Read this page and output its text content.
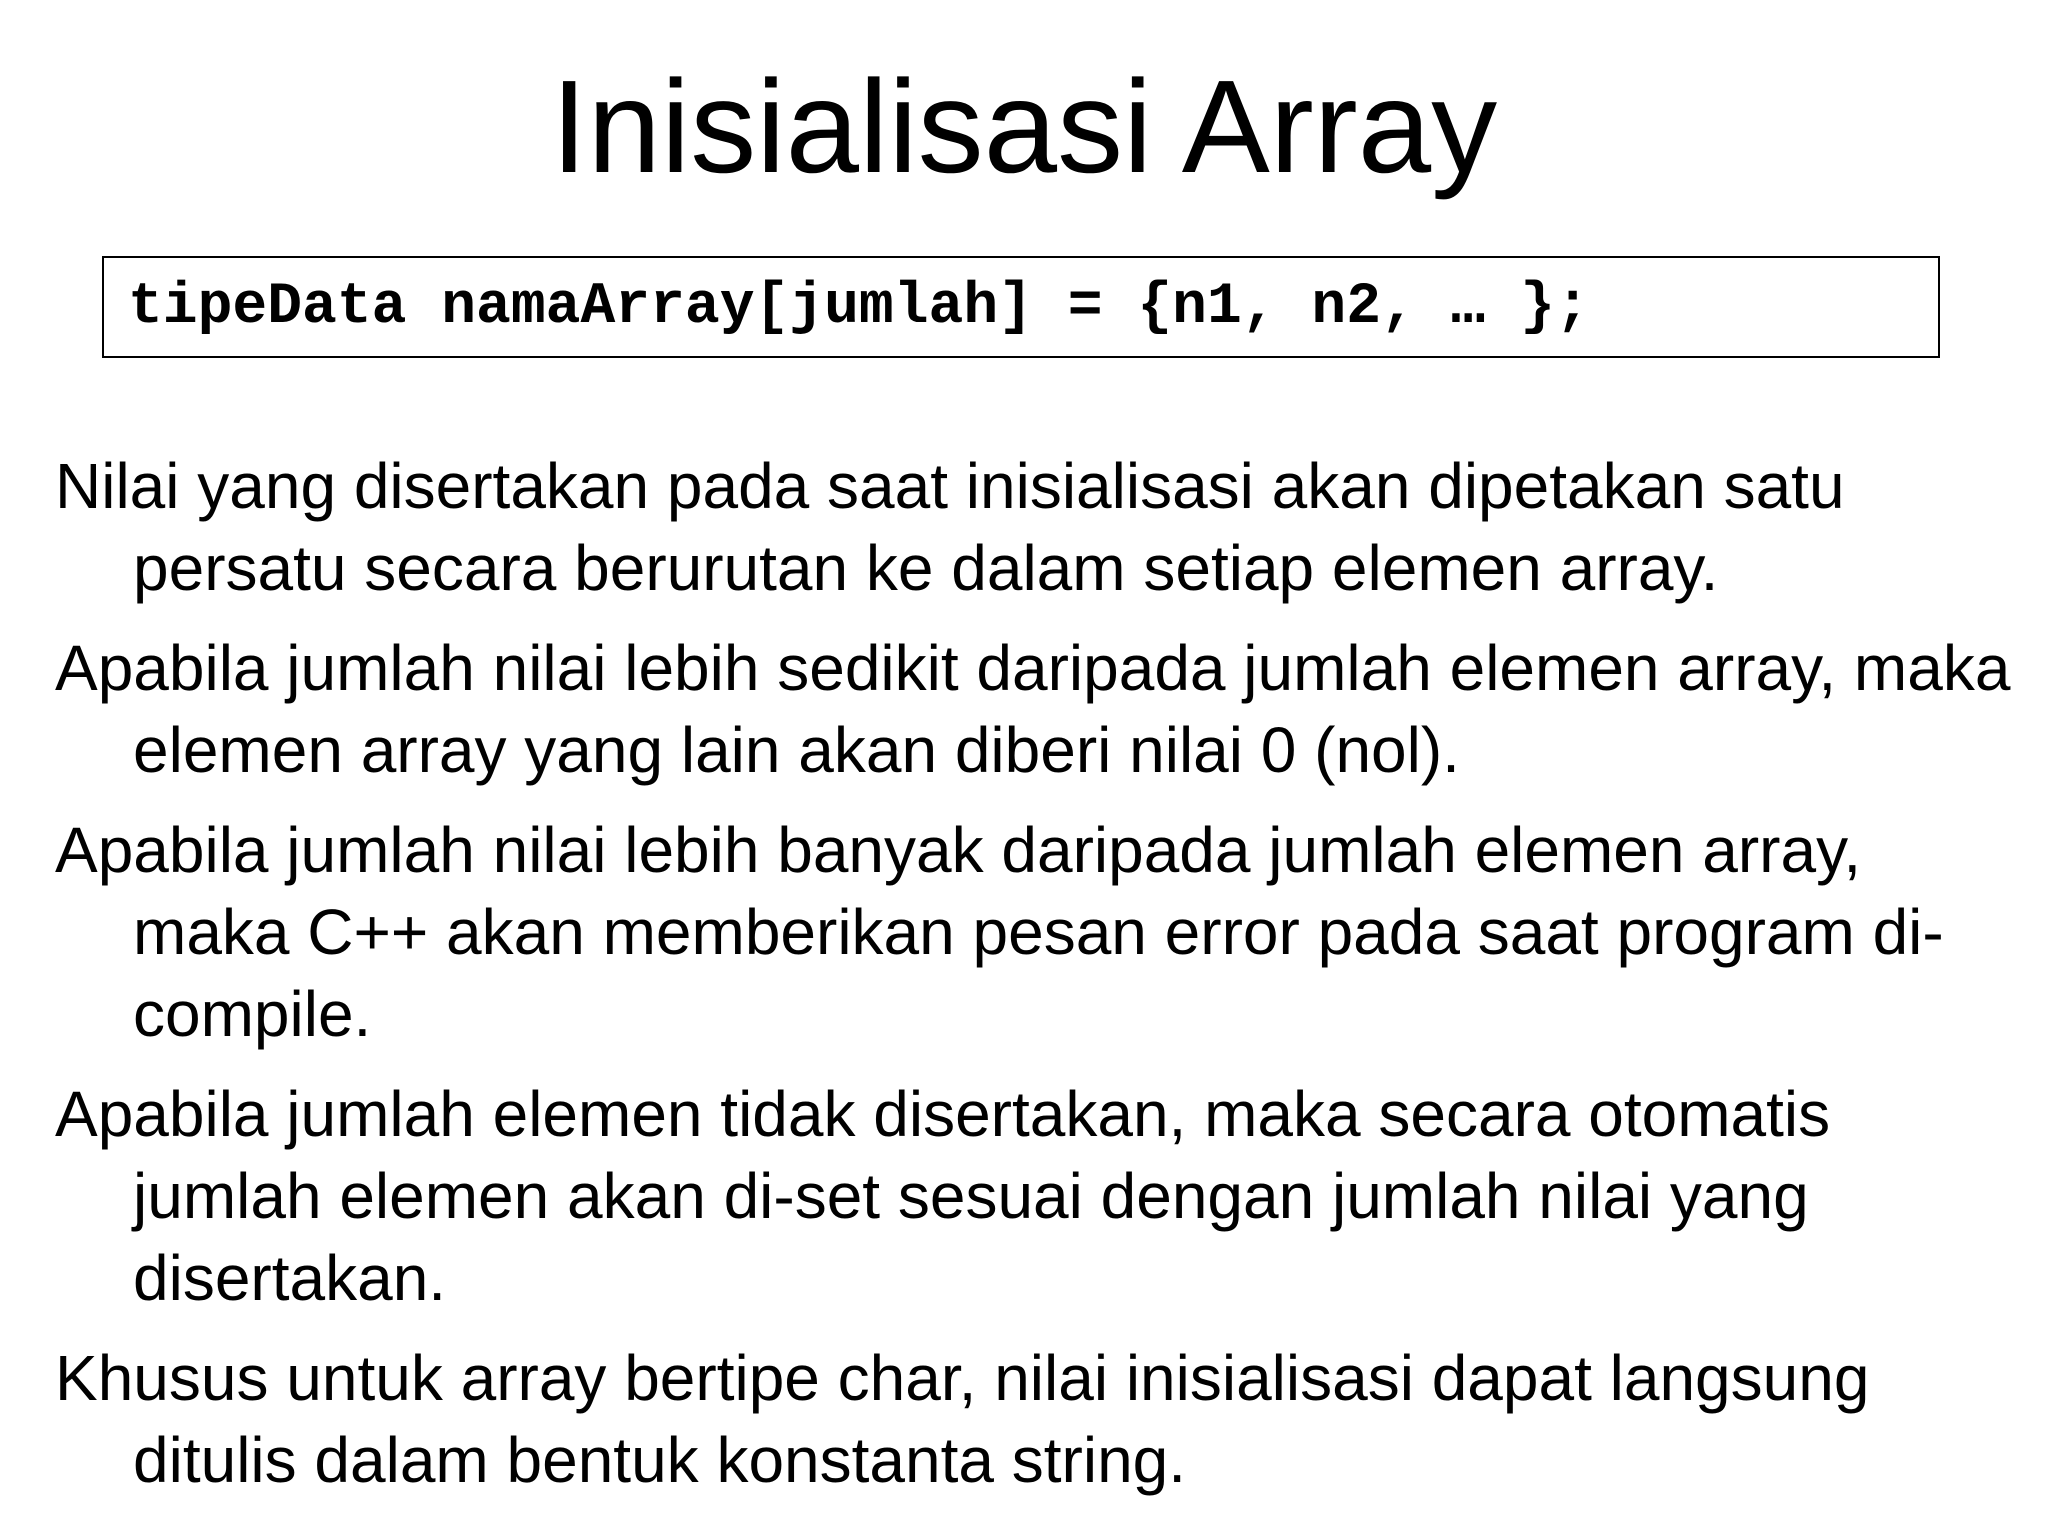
Inisialisasi Array
tipeData namaArray[jumlah] = {n1, n2, … };
Nilai yang disertakan pada saat inisialisasi akan dipetakan satu persatu secara berurutan ke dalam setiap elemen array.
Apabila jumlah nilai lebih sedikit daripada jumlah elemen array, maka elemen array yang lain akan diberi nilai 0 (nol).
Apabila jumlah nilai lebih banyak daripada jumlah elemen array, maka C++ akan memberikan pesan error pada saat program di-compile.
Apabila jumlah elemen tidak disertakan, maka secara otomatis jumlah elemen akan di-set sesuai dengan jumlah nilai yang disertakan.
Khusus untuk array bertipe char, nilai inisialisasi dapat langsung ditulis dalam bentuk konstanta string.
